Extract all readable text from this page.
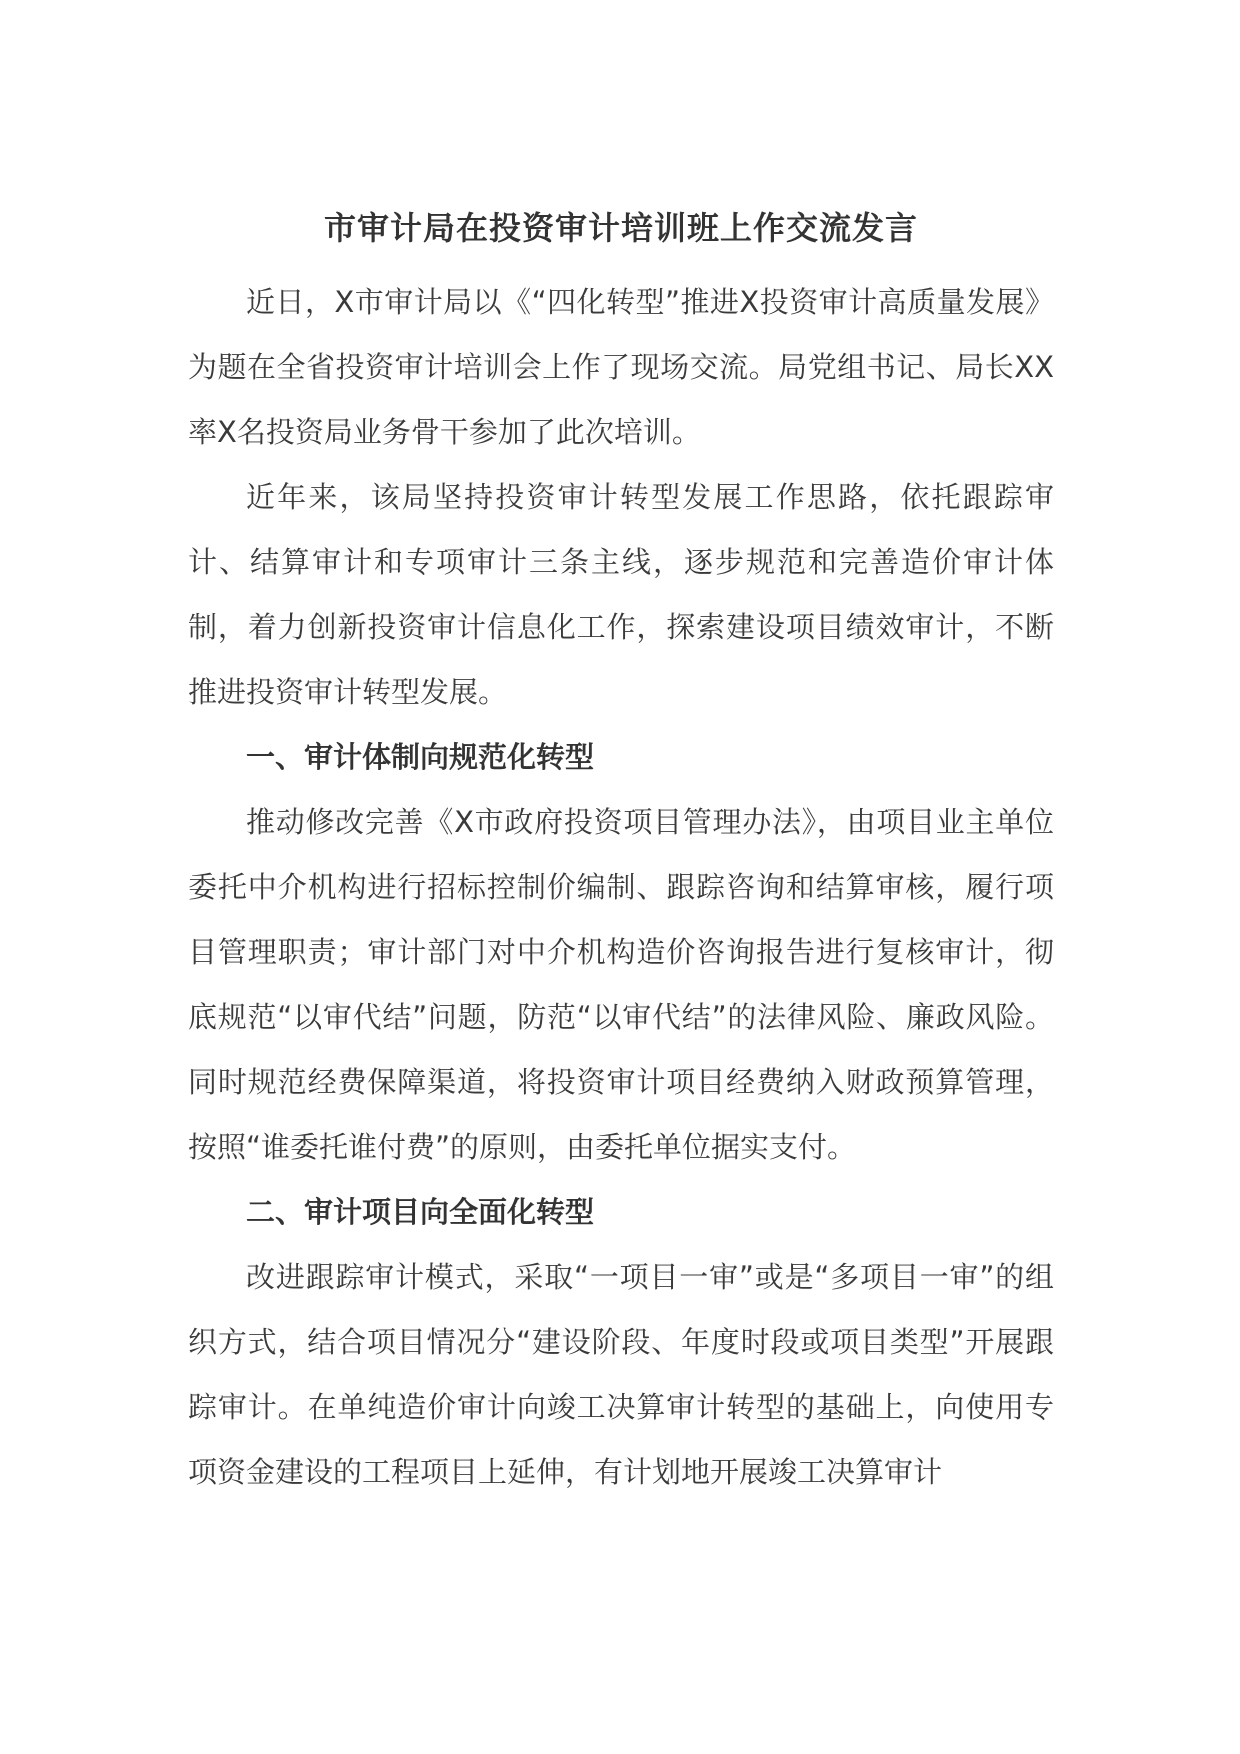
市审计局在投资审计培训班上作交流发言

近日，X市审计局以《“四化转型”推进X投资审计高质量发展》为题在全省投资审计培训会上作了现场交流。局党组书记、局长XX率X名投资局业务骨干参加了此次培训。

近年来，该局坚持投资审计转型发展工作思路，依托跟踪审计、结算审计和专项审计三条主线，逐步规范和完善造价审计体制，着力创新投资审计信息化工作，探索建设项目绩效审计，不断推进投资审计转型发展。

一、审计体制向规范化转型

推动修改完善《X市政府投资项目管理办法》，由项目业主单位委托中介机构进行招标控制价编制、跟踪咨询和结算审核，履行项目管理职责；审计部门对中介机构造价咨询报告进行复核审计，彻底规范“以审代结”问题，防范“以审代结”的法律风险、廉政风险。同时规范经费保障渠道，将投资审计项目经费纳入财政预算管理，按照“谁委托谁付费”的原则，由委托单位据实支付。

二、审计项目向全面化转型

改进跟踪审计模式，采取“一项目一审”或是“多项目一审”的组织方式，结合项目情况分“建设阶段、年度时段或项目类型”开展跟踪审计。在单纯造价审计向竣工决算审计转型的基础上，向使用专项资金建设的工程项目上延伸，有计划地开展竣工决算审计
